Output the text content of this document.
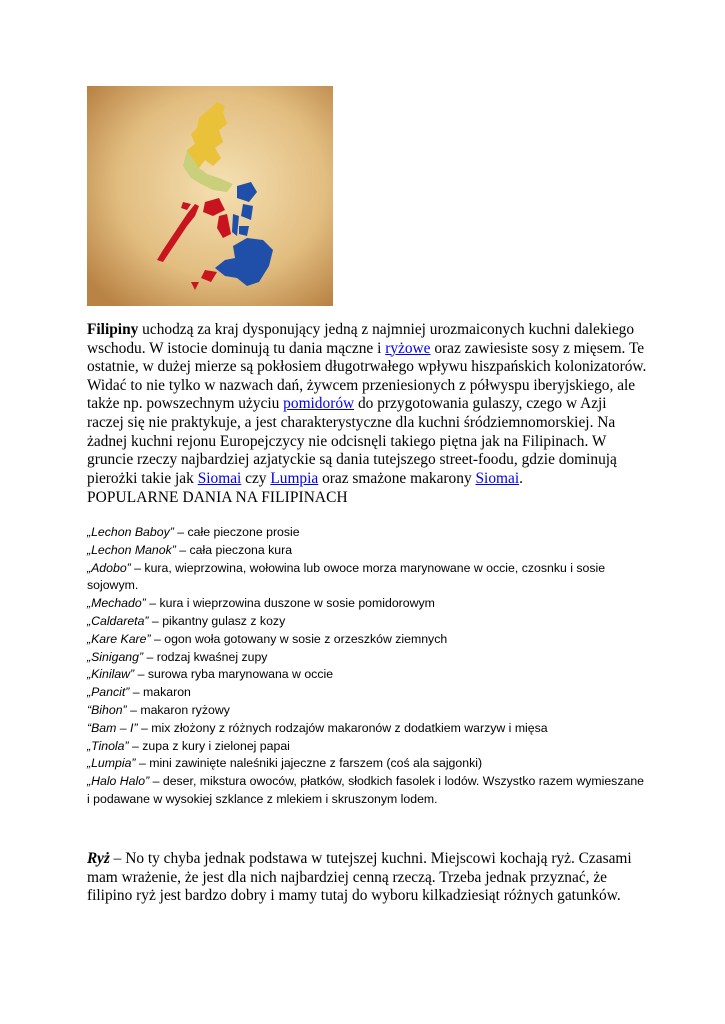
Filipiny uchodzą za kraj dysponujący jedną z najmniej urozmaiconych kuchni dalekiego wschodu. W istocie dominują tu dania mączne i ryżowe oraz zawiesiste sosy z mięsem. Te ostatnie, w dużej mierze są pokłosiem długotrwałego wpływu hiszpańskich kolonizatorów. Widać to nie tylko w nazwach dań, żywcem przeniesionych z półwyspu iberyjskiego, ale także np. powszechnym użyciu pomidorów do przygotowania gulaszy, czego w Azji raczej się nie praktykuje, a jest charakterystyczne dla kuchni śródziemnomorskiej. Na żadnej kuchni rejonu Europejczycy nie odcisnęli takiego piętna jak na Filipinach. W gruncie rzeczy najbardziej azjatyckie są dania tutejszego street-foodu, gdzie dominują pierożki takie jak Siomai czy Lumpia oraz smażone makarony Siomai.

POPULARNE DANIA NA FILIPINACH
„Lechon Baboy” – całe pieczone prosie
„Lechon Manok” – cała pieczona kura
„Adobo” – kura, wieprzowina, wołowina lub owoce morza marynowane w occie, czosnku i sosie sojowym.
„Mechado” – kura i wieprzowina duszone w sosie pomidorowym
„Caldareta” – pikantny gulasz z kozy
„Kare Kare” – ogon woła gotowany w sosie z orzeszków ziemnych
„Sinigang” – rodzaj kwaśnej zupy
„Kinilaw” – surowa ryba marynowana w occie
„Pancit” – makaron
“Bihon” – makaron ryżowy
“Bam – I” – mix złożony z różnych rodzajów makaronów z dodatkiem warzyw i mięsa
„Tinola” – zupa z kury i zielonej papai
„Lumpia” – mini zawinięte naleśniki jajeczne z farszem (coś ala sajgonki)
„Halo Halo” – deser, mikstura owoców, płatków, słodkich fasolek i lodów. Wszystko razem wymieszane i podawane w wysokiej szklance z mlekiem i skruszonym lodem.

Ryż – No ty chyba jednak podstawa w tutejszej kuchni. Miejscowi kochają ryż. Czasami mam wrażenie, że jest dla nich najbardziej cenną rzeczą. Trzeba jednak przyznać, że filipino ryż jest bardzo dobry i mamy tutaj do wyboru kilkadziesiąt różnych gatunków.
